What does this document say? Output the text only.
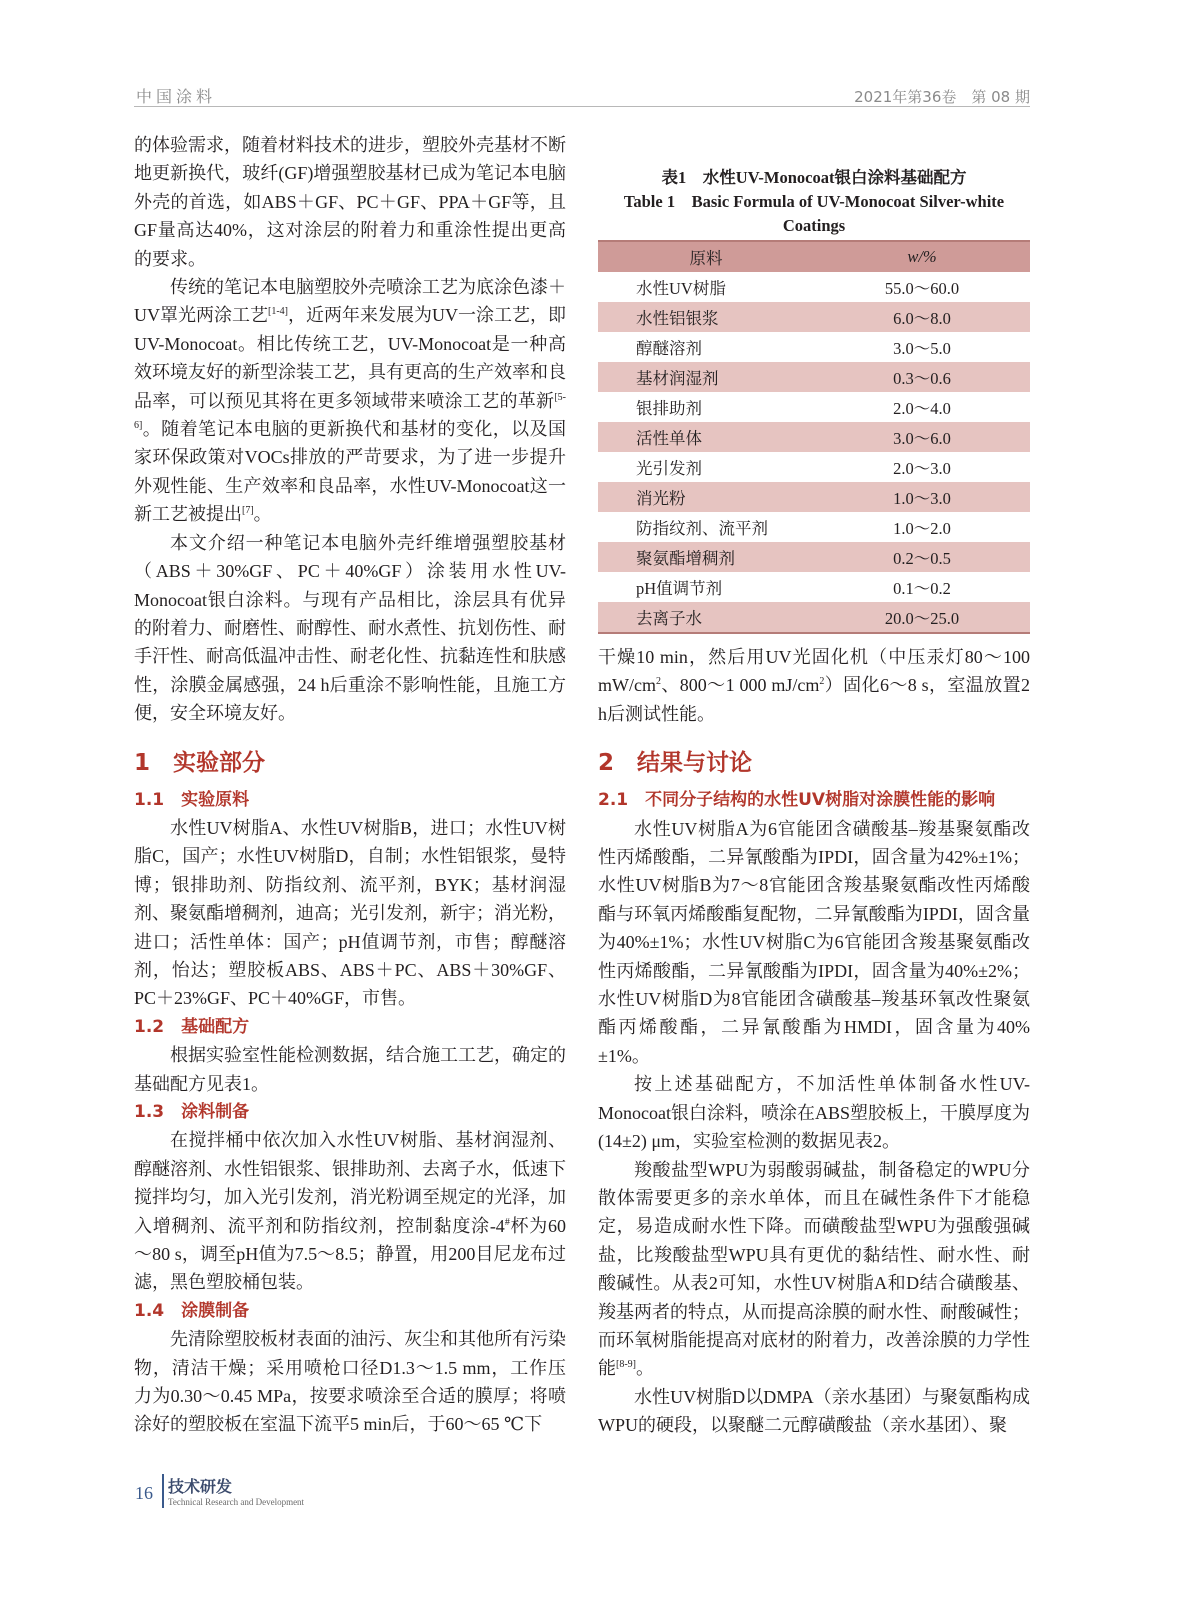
中国涂料	2021年第36卷　第 08 期

的体验需求，随着材料技术的进步，塑胶外壳基材不断地更新换代，玻纤(GF)增强塑胶基材已成为笔记本电脑外壳的首选，如ABS＋GF、PC＋GF、PPA＋GF等，且GF量高达40%，这对涂层的附着力和重涂性提出更高的要求。

传统的笔记本电脑塑胶外壳喷涂工艺为底涂色漆＋UV罩光两涂工艺[1-4]，近两年来发展为UV一涂工艺，即UV-Monocoat。相比传统工艺，UV-Monocoat是一种高效环境友好的新型涂装工艺，具有更高的生产效率和良品率，可以预见其将在更多领域带来喷涂工艺的革新[5-6]。随着笔记本电脑的更新换代和基材的变化，以及国家环保政策对VOCs排放的严苛要求，为了进一步提升外观性能、生产效率和良品率，水性UV-Monocoat这一新工艺被提出[7]。

本文介绍一种笔记本电脑外壳纤维增强塑胶基材（ABS＋30%GF、PC＋40%GF）涂装用水性UV-Monocoat银白涂料。与现有产品相比，涂层具有优异的附着力、耐磨性、耐醇性、耐水煮性、抗划伤性、耐手汗性、耐高低温冲击性、耐老化性、抗黏连性和肤感性，涂膜金属感强，24 h后重涂不影响性能，且施工方便，安全环境友好。

1　实验部分
1.1　实验原料

水性UV树脂A、水性UV树脂B，进口；水性UV树脂C，国产；水性UV树脂D，自制；水性铝银浆，曼特博；银排助剂、防指纹剂、流平剂，BYK；基材润湿剂、聚氨酯增稠剂，迪高；光引发剂，新宇；消光粉，进口；活性单体：国产；pH值调节剂，市售；醇醚溶剂，怡达；塑胶板ABS、ABS＋PC、ABS＋30%GF、PC＋23%GF、PC＋40%GF，市售。

1.2　基础配方

根据实验室性能检测数据，结合施工工艺，确定的基础配方见表1。

1.3　涂料制备

在搅拌桶中依次加入水性UV树脂、基材润湿剂、醇醚溶剂、水性铝银浆、银排助剂、去离子水，低速下搅拌均匀，加入光引发剂，消光粉调至规定的光泽，加入增稠剂、流平剂和防指纹剂，控制黏度涂-4#杯为60～80 s，调至pH值为7.5～8.5；静置，用200目尼龙布过滤，黑色塑胶桶包装。

1.4　涂膜制备

先清除塑胶板材表面的油污、灰尘和其他所有污染物，清洁干燥；采用喷枪口径D1.3～1.5 mm，工作压力为0.30～0.45 MPa，按要求喷涂至合适的膜厚；将喷涂好的塑胶板在室温下流平5 min后，于60～65 ℃下

表1　水性UV-Monocoat银白涂料基础配方
Table 1　Basic Formula of UV-Monocoat Silver-white Coatings
原料	w/%
水性UV树脂	55.0～60.0
水性铝银浆	6.0～8.0
醇醚溶剂	3.0～5.0
基材润湿剂	0.3～0.6
银排助剂	2.0～4.0
活性单体	3.0～6.0
光引发剂	2.0～3.0
消光粉	1.0～3.0
防指纹剂、流平剂	1.0～2.0
聚氨酯增稠剂	0.2～0.5
pH值调节剂	0.1～0.2
去离子水	20.0～25.0

干燥10 min，然后用UV光固化机（中压汞灯80～100 $mW/cm^2$、800～1 000 $mJ/cm^2$）固化6～8 s，室温放置2 h后测试性能。

2　结果与讨论
2.1　不同分子结构的水性UV树脂对涂膜性能的影响

水性UV树脂A为6官能团含磺酸基–羧基聚氨酯改性丙烯酸酯，二异氰酸酯为IPDI，固含量为42%±1%；水性UV树脂B为7～8官能团含羧基聚氨酯改性丙烯酸酯与环氧丙烯酸酯复配物，二异氰酸酯为IPDI，固含量为40%±1%；水性UV树脂C为6官能团含羧基聚氨酯改性丙烯酸酯，二异氰酸酯为IPDI，固含量为40%±2%；水性UV树脂D为8官能团含磺酸基–羧基环氧改性聚氨酯丙烯酸酯，二异氰酸酯为HMDI，固含量为40%±1%。

按上述基础配方，不加活性单体制备水性UV-Monocoat银白涂料，喷涂在ABS塑胶板上，干膜厚度为(14±2) μm，实验室检测的数据见表2。

羧酸盐型WPU为弱酸弱碱盐，制备稳定的WPU分散体需要更多的亲水单体，而且在碱性条件下才能稳定，易造成耐水性下降。而磺酸盐型WPU为强酸强碱盐，比羧酸盐型WPU具有更优的黏结性、耐水性、耐酸碱性。从表2可知，水性UV树脂A和D结合磺酸基、羧基两者的特点，从而提高涂膜的耐水性、耐酸碱性；而环氧树脂能提高对底材的附着力，改善涂膜的力学性能[8-9]。

水性UV树脂D以DMPA（亲水基团）与聚氨酯构成WPU的硬段，以聚醚二元醇磺酸盐（亲水基团）、聚

16 技术研发
Technical Research and Development
